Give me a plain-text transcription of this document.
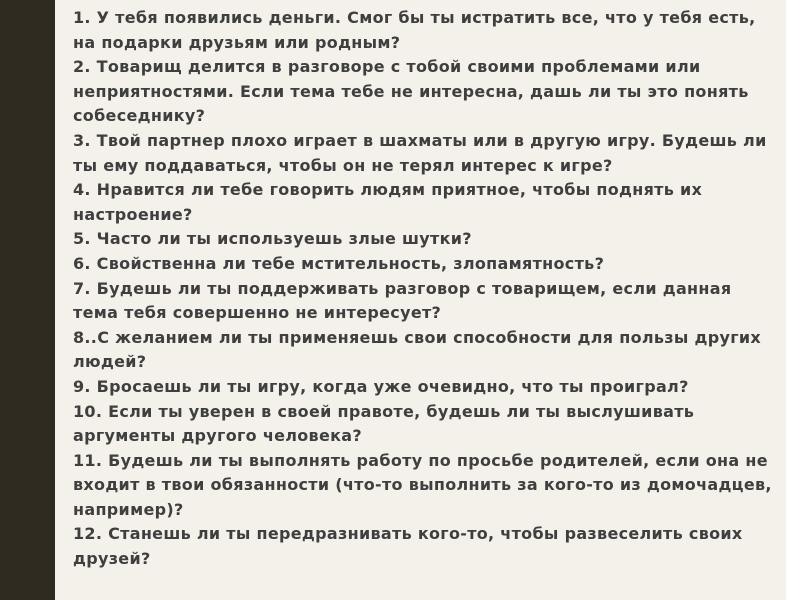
1. У тебя появились деньги. Смог бы ты истратить все, что у тебя есть, на подарки друзьям или родным?
2. Товарищ делится в разговоре с тобой своими проблемами или неприятностями. Если тема тебе не интересна, дашь ли ты это понять собеседнику?
3. Твой партнер плохо играет в шахматы или в другую игру. Будешь ли ты ему поддаваться, чтобы он не терял интерес к игре?
4. Нравится ли тебе говорить людям приятное, чтобы поднять их настроение?
5. Часто ли ты используешь злые шутки?
6. Свойственна ли тебе мстительность, злопамятность?
7. Будешь ли ты поддерживать разговор с товарищем, если данная тема тебя совершенно не интересует?
8..С желанием ли ты применяешь свои способности для пользы других людей?
9. Бросаешь ли ты игру, когда уже очевидно, что ты проиграл?
10. Если ты уверен в своей правоте, будешь ли ты выслушивать аргументы другого человека?
11. Будешь ли ты выполнять работу по просьбе родителей, если она не входит в твои обязанности (что-то выполнить за кого-то из домочадцев, например)?
12. Станешь ли ты передразнивать кого-то, чтобы развеселить своих друзей?
